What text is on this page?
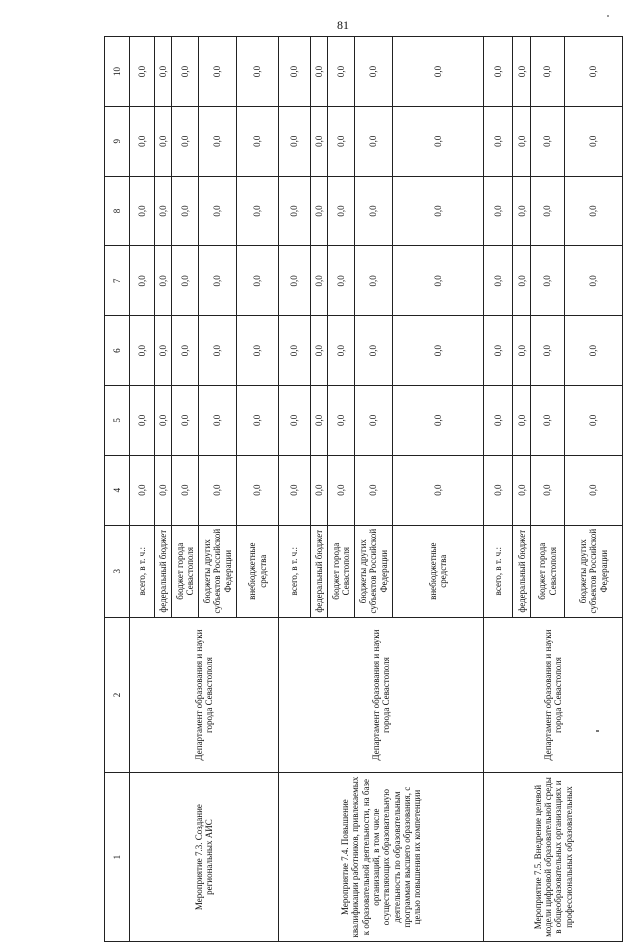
81
1	2	3	4	5	6	7	8	9	10
Мероприятие 7.3. Создание региональных АИС	Департамент образования и науки города Севастополя	всего, в т. ч.:	0,0	0,0	0,0	0,0	0,0	0,0	0,0
		федеральный бюджет	0,0	0,0	0,0	0,0	0,0	0,0	0,0
		бюджет города Севастополя	0,0	0,0	0,0	0,0	0,0	0,0	0,0
		бюджеты других субъектов Российской Федерации	0,0	0,0	0,0	0,0	0,0	0,0	0,0
		внебюджетные средства	0,0	0,0	0,0	0,0	0,0	0,0	0,0
Мероприятие 7.4. Повышение квалификации работников, привлекаемых к образовательной деятельности, на базе организаций, в том числе осуществляющих образовательную деятельность по образовательным программам высшего образования, с целью повышения их компетенции	Департамент образования и науки города Севастополя	всего, в т. ч.:	0,0	0,0	0,0	0,0	0,0	0,0	0,0
		федеральный бюджет	0,0	0,0	0,0	0,0	0,0	0,0	0,0
		бюджет города Севастополя	0,0	0,0	0,0	0,0	0,0	0,0	0,0
		бюджеты других субъектов Российской Федерации	0,0	0,0	0,0	0,0	0,0	0,0	0,0
		внебюджетные средства	0,0	0,0	0,0	0,0	0,0	0,0	0,0
Мероприятие 7.5. Внедрение целевой модели цифровой образовательной среды в общеобразовательных организациях и профессиональных образовательных	Департамент образования и науки города Севастополя	всего, в т. ч.:	0,0	0,0	0,0	0,0	0,0	0,0	0,0
		федеральный бюджет	0,0	0,0	0,0	0,0	0,0	0,0	0,0
		бюджет города Севастополя	0,0	0,0	0,0	0,0	0,0	0,0	0,0
		бюджеты других субъектов Российской Федерации	0,0	0,0	0,0	0,0	0,0	0,0	0,0
